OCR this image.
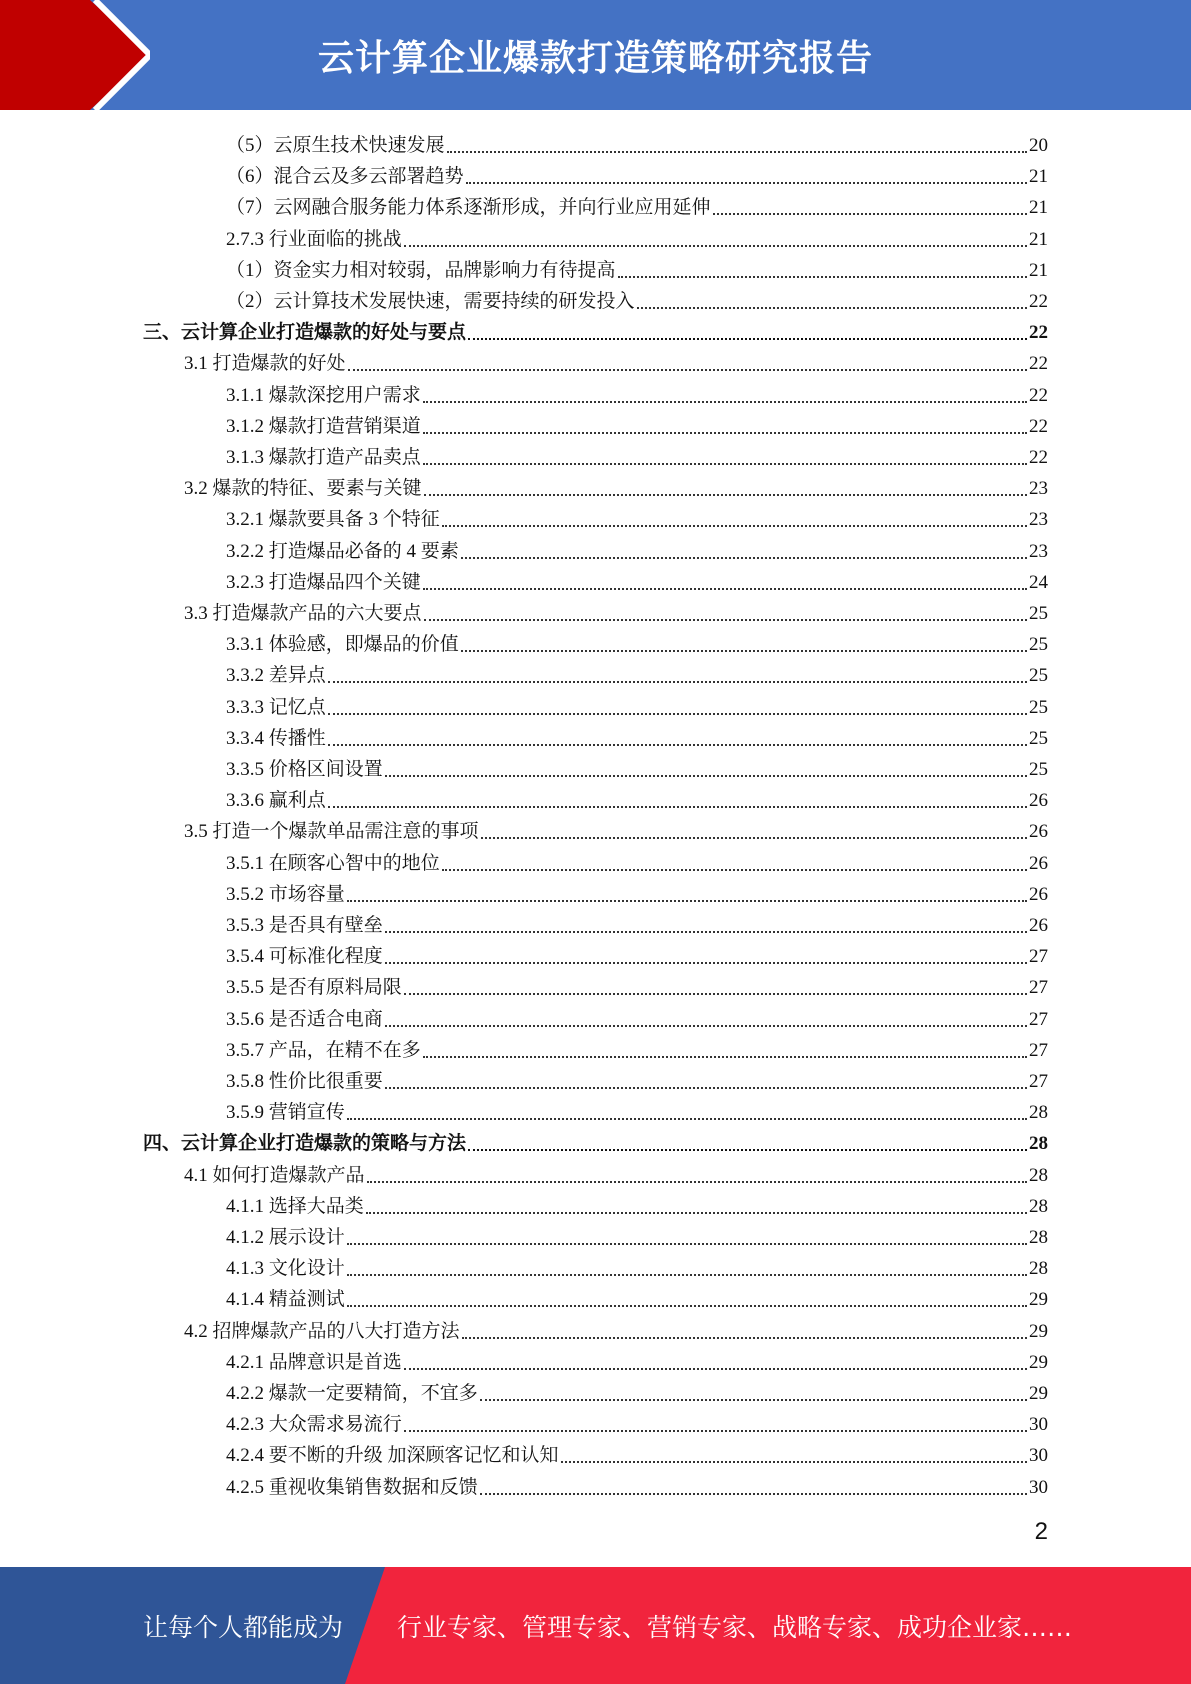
云计算企业爆款打造策略研究报告
（5）云原生技术快速发展	20
（6）混合云及多云部署趋势	21
（7）云网融合服务能力体系逐渐形成，并向行业应用延伸	21
2.7.3 行业面临的挑战	21
（1）资金实力相对较弱，品牌影响力有待提高	21
（2）云计算技术发展快速，需要持续的研发投入	22
三、云计算企业打造爆款的好处与要点	22
3.1 打造爆款的好处	22
3.1.1 爆款深挖用户需求	22
3.1.2 爆款打造营销渠道	22
3.1.3 爆款打造产品卖点	22
3.2 爆款的特征、要素与关键	23
3.2.1 爆款要具备 3 个特征	23
3.2.2 打造爆品必备的 4 要素	23
3.2.3 打造爆品四个关键	24
3.3 打造爆款产品的六大要点	25
3.3.1 体验感，即爆品的价值	25
3.3.2 差异点	25
3.3.3 记忆点	25
3.3.4 传播性	25
3.3.5 价格区间设置	25
3.3.6 赢利点	26
3.5 打造一个爆款单品需注意的事项	26
3.5.1 在顾客心智中的地位	26
3.5.2 市场容量	26
3.5.3 是否具有壁垒	26
3.5.4 可标准化程度	27
3.5.5 是否有原料局限	27
3.5.6 是否适合电商	27
3.5.7 产品，在精不在多	27
3.5.8 性价比很重要	27
3.5.9 营销宣传	28
四、云计算企业打造爆款的策略与方法	28
4.1 如何打造爆款产品	28
4.1.1 选择大品类	28
4.1.2 展示设计	28
4.1.3 文化设计	28
4.1.4 精益测试	29
4.2 招牌爆款产品的八大打造方法	29
4.2.1 品牌意识是首选	29
4.2.2 爆款一定要精简，不宜多	29
4.2.3 大众需求易流行	30
4.2.4 要不断的升级 加深顾客记忆和认知	30
4.2.5 重视收集销售数据和反馈	30
2
让每个人都能成为 行业专家、管理专家、营销专家、战略专家、成功企业家……
